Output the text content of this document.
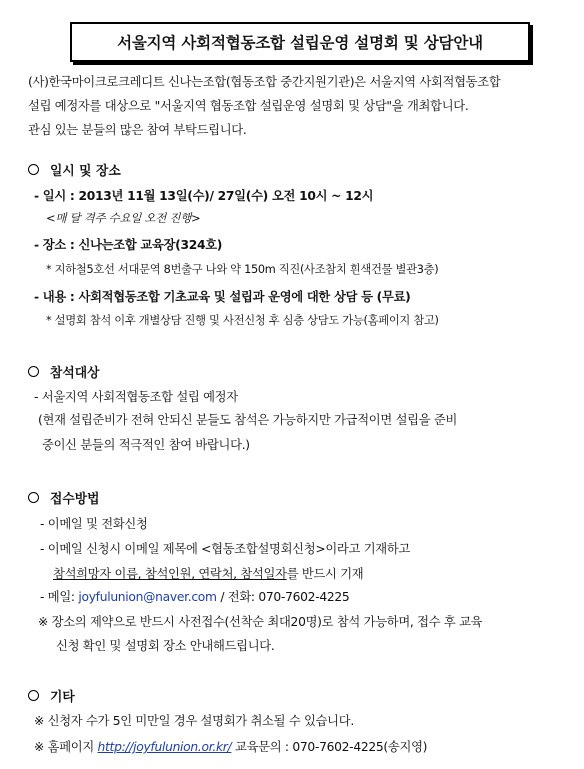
서울지역 사회적협동조합 설립운영 설명회 및 상담안내

(사)한국마이크로크레디트 신나는조합(협동조합 중간지원기관)은 서울지역 사회적협동조합

설립 예정자를 대상으로 "서울지역 협동조합 설립운영 설명회 및 상담"을 개최합니다.

관심 있는 분들의 많은 참여 부탁드립니다.

일시 및 장소
- 일시 : 2013년 11월 13일(수)/ 27일(수) 오전 10시 ~ 12시
<매 달 격주 수요일 오전 진행>
- 장소 : 신나는조합 교육장(324호)
* 지하철5호선 서대문역 8번출구 나와 약 150m 직진(사조참치 흰색건물 별관3층)
- 내용 : 사회적협동조합 기초교육 및 설립과 운영에 대한 상담 등 (무료)
* 설명회 참석 이후 개별상담 진행 및 사전신청 후 심층 상담도 가능(홈페이지 참고)
참석대상
- 서울지역 사회적협동조합 설립 예정자
(현재 설립준비가 전혀 안되신 분들도 참석은 가능하지만 가급적이면 설립을 준비
중이신 분들의 적극적인 참여 바랍니다.)
접수방법
- 이메일 및 전화신청
- 이메일 신청시 이메일 제목에 <협동조합설명회신청>이라고 기재하고
참석희망자 이름, 참석인원, 연락처, 참석일자를 반드시 기재
- 메일: joyfulunion@naver.com / 전화: 070-7602-4225
※ 장소의 제약으로 반드시 사전접수(선착순 최대20명)로 참석 가능하며, 접수 후 교육
신청 확인 및 설명회 장소 안내해드립니다.
기타
※ 신청자 수가 5인 미만일 경우 설명회가 취소될 수 있습니다.
※ 홈페이지 http://joyfulunion.or.kr/ 교육문의 : 070-7602-4225(송지영)
